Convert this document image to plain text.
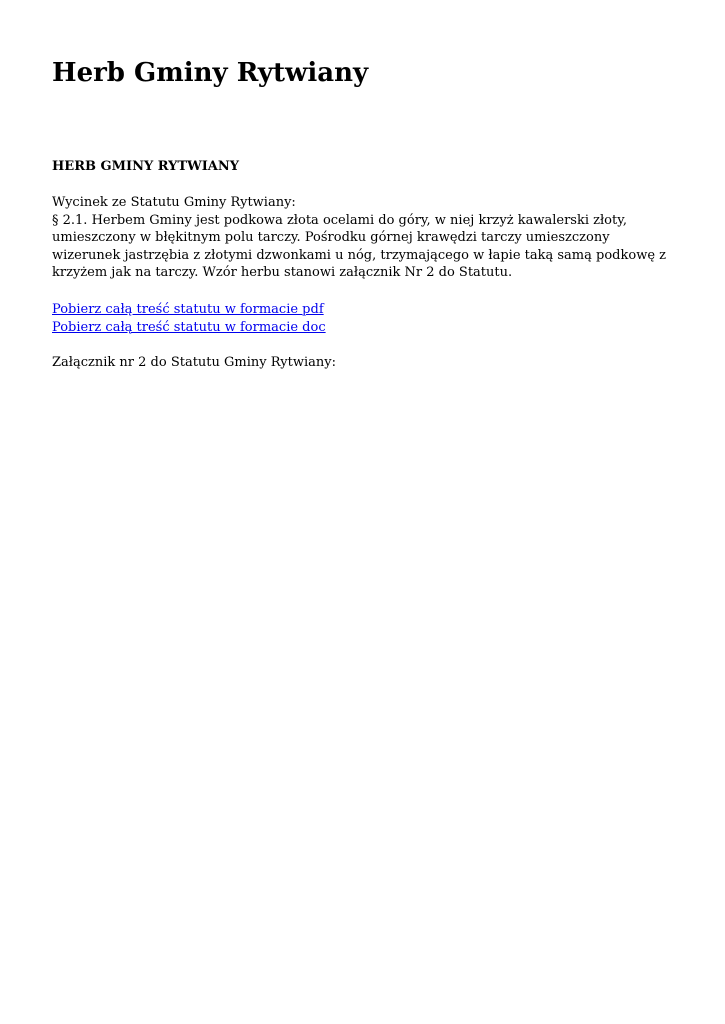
Herb Gminy Rytwiany
HERB GMINY RYTWIANY
Wycinek ze Statutu Gminy Rytwiany:
§ 2.1. Herbem Gminy jest podkowa złota ocelami do góry, w niej krzyż kawalerski złoty, umieszczony w błękitnym polu tarczy. Pośrodku górnej krawędzi tarczy umieszczony wizerunek jastrzębia z złotymi dzwonkami u nóg, trzymającego w łapie taką samą podkowę z krzyżem jak na tarczy. Wzór herbu stanowi załącznik Nr 2 do Statutu.
Pobierz całą treść statutu w formacie pdf
Pobierz całą treść statutu w formacie doc
Załącznik nr 2 do Statutu Gminy Rytwiany:
